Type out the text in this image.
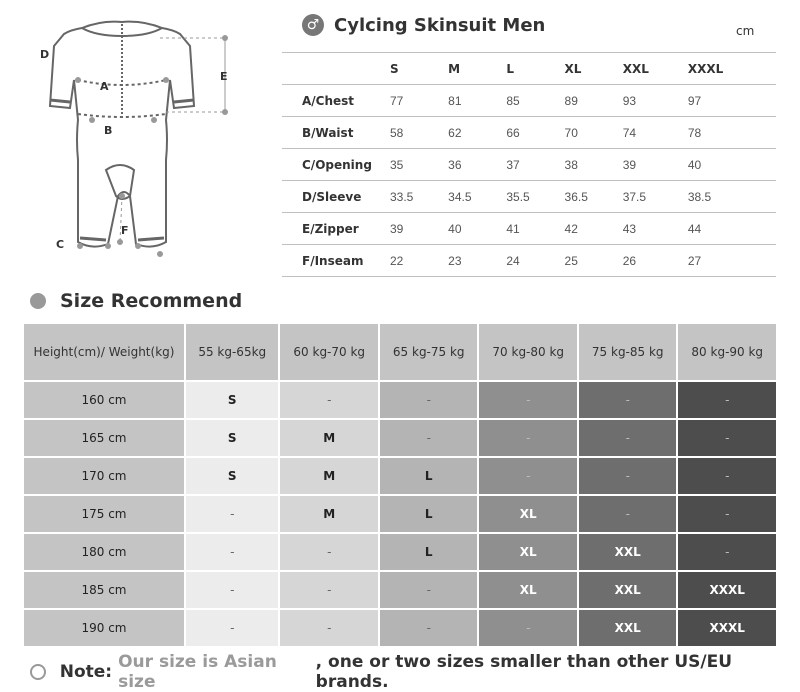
D
A
B
E
C
F
♂ Cylcing Skinsuit Men	cm
	S	M	L	XL	XXL	XXXL
A/Chest	77	81	85	89	93	97
B/Waist	58	62	66	70	74	78
C/Opening	35	36	37	38	39	40
D/Sleeve	33.5	34.5	35.5	36.5	37.5	38.5
E/Zipper	39	40	41	42	43	44
F/Inseam	22	23	24	25	26	27
Size Recommend
Height(cm)/ Weight(kg)	55 kg-65kg	60 kg-70 kg	65 kg-75 kg	70 kg-80 kg	75 kg-85 kg	80 kg-90 kg
160 cm	S	-	-	-	-	-
165 cm	S	M	-	-	-	-
170 cm	S	M	L	-	-	-
175 cm	-	M	L	XL	-	-
180 cm	-	-	L	XL	XXL	-
185 cm	-	-	-	XL	XXL	XXXL
190 cm	-	-	-	-	XXL	XXXL
Note: Our size is Asian size
, one or two sizes smaller than other US/EU brands.
